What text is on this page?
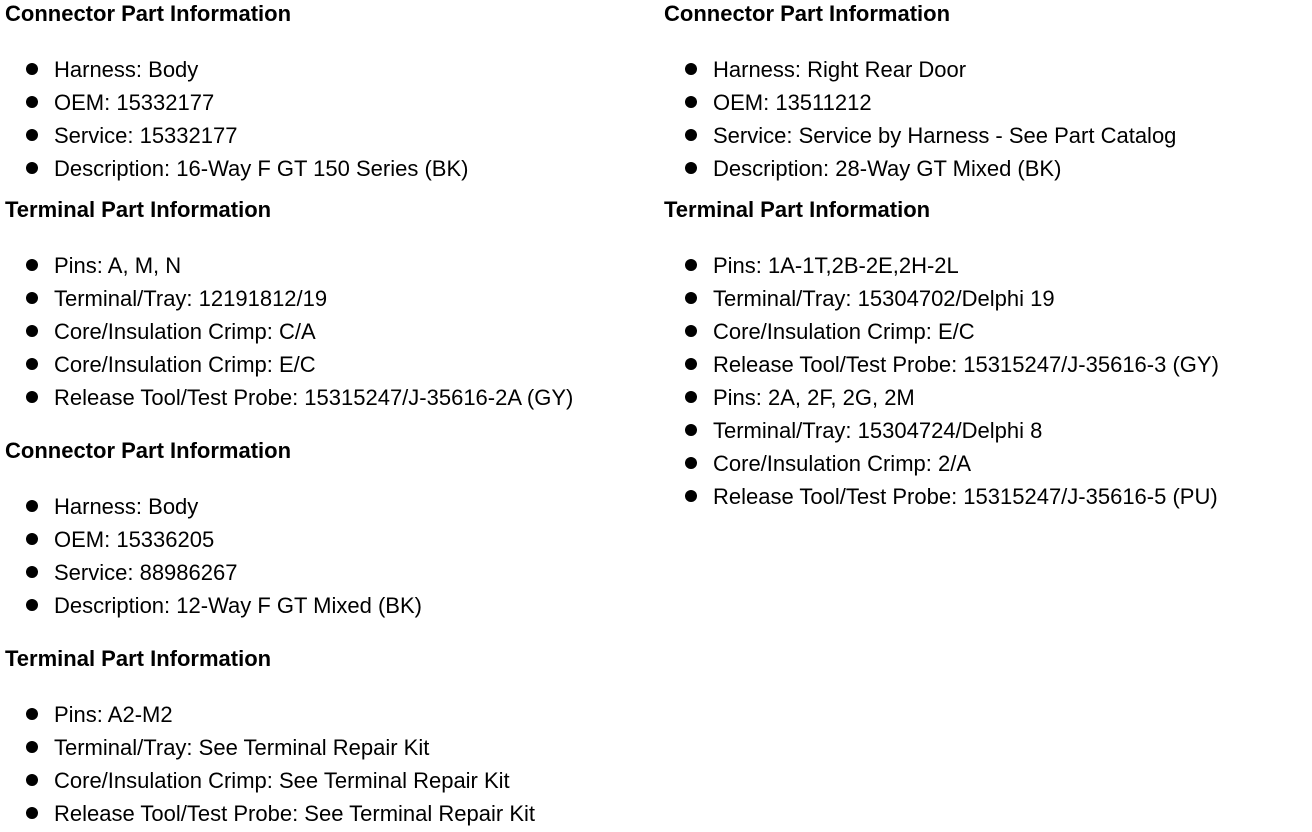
Connector Part Information
Harness: Body
OEM: 15332177
Service: 15332177
Description: 16-Way F GT 150 Series (BK)
Terminal Part Information
Pins: A, M, N
Terminal/Tray: 12191812/19
Core/Insulation Crimp: C/A
Core/Insulation Crimp: E/C
Release Tool/Test Probe: 15315247/J-35616-2A (GY)
Connector Part Information
Harness: Body
OEM: 15336205
Service: 88986267
Description: 12-Way F GT Mixed (BK)
Terminal Part Information
Pins: A2-M2
Terminal/Tray: See Terminal Repair Kit
Core/Insulation Crimp: See Terminal Repair Kit
Release Tool/Test Probe: See Terminal Repair Kit
Connector Part Information
Harness: Right Rear Door
OEM: 13511212
Service: Service by Harness - See Part Catalog
Description: 28-Way GT Mixed (BK)
Terminal Part Information
Pins: 1A-1T,2B-2E,2H-2L
Terminal/Tray: 15304702/Delphi 19
Core/Insulation Crimp: E/C
Release Tool/Test Probe: 15315247/J-35616-3 (GY)
Pins: 2A, 2F, 2G, 2M
Terminal/Tray: 15304724/Delphi 8
Core/Insulation Crimp: 2/A
Release Tool/Test Probe: 15315247/J-35616-5 (PU)
